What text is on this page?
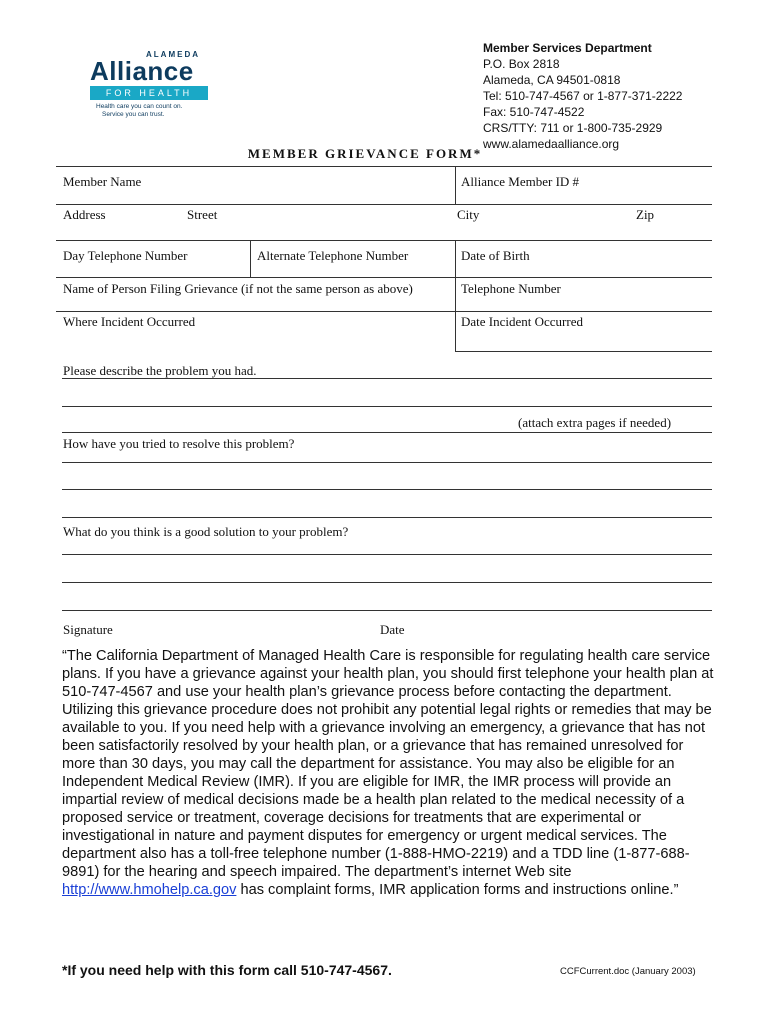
ALAMEDA
Alliance
FOR HEALTH
Health care you can count on.
Service you can trust.
Member Services Department
P.O. Box 2818
Alameda, CA 94501-0818
Tel: 510-747-4567 or 1-877-371-2222
Fax: 510-747-4522
CRS/TTY: 711 or 1-800-735-2929
www.alamedaalliance.org
MEMBER GRIEVANCE FORM*
Member Name	Alliance Member ID #
Address	Street	City	Zip
Day Telephone Number	Alternate Telephone Number	Date of Birth
Name of Person Filing Grievance (if not the same person as above)	Telephone Number
Where Incident Occurred	Date Incident Occurred
Please describe the problem you had.
(attach extra pages if needed)
How have you tried to resolve this problem?
What do you think is a good solution to your problem?
Signature	Date
“The California Department of Managed Health Care is responsible for regulating health care service plans. If you have a grievance against your health plan, you should first telephone your health plan at 510-747-4567 and use your health plan’s grievance process before contacting the department. Utilizing this grievance procedure does not prohibit any potential legal rights or remedies that may be available to you. If you need help with a grievance involving an emergency, a grievance that has not been satisfactorily resolved by your health plan, or a grievance that has remained unresolved for more than 30 days, you may call the department for assistance. You may also be eligible for an Independent Medical Review (IMR). If you are eligible for IMR, the IMR process will provide an impartial review of medical decisions made be a health plan related to the medical necessity of a proposed service or treatment, coverage decisions for treatments that are experimental or investigational in nature and payment disputes for emergency or urgent medical services. The department also has a toll-free telephone number (1-888-HMO-2219) and a TDD line (1-877-688-9891) for the hearing and speech impaired. The department’s internet Web site http://www.hmohelp.ca.gov has complaint forms, IMR application forms and instructions online.”
*If you need help with this form call 510-747-4567.	CCFCurrent.doc (January 2003)
